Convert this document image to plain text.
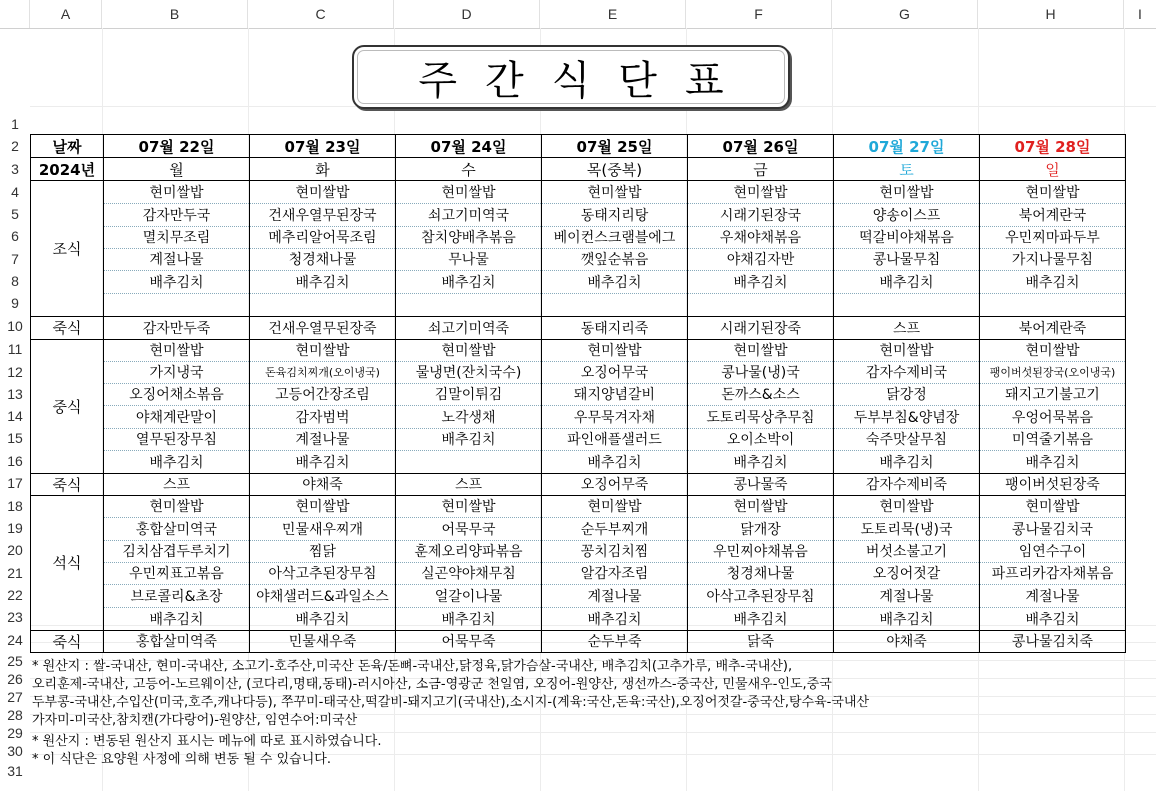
A	B	C	D	E	F	G	H	I
1
2
3
4
5
6
7
8
9
10
11
12
13
14
15
16
17
18
19
20
21
22
23
24
25
26
27
28
29
30
31
주간식단표
날짜	07월 22일	07월 23일	07월 24일	07월 25일	07월 26일	07월 27일	07월 28일
2024년	월	화	수	목(중복)	금	토	일
조식	현미쌀밥	현미쌀밥	현미쌀밥	현미쌀밥	현미쌀밥	현미쌀밥	현미쌀밥
	감자만두국	건새우열무된장국	쇠고기미역국	동태지리탕	시래기된장국	양송이스프	북어계란국
	멸치무조림	메추리알어묵조림	참치양배추볶음	베이컨스크램블에그	우채야채볶음	떡갈비야채볶음	우민찌마파두부
	계절나물	청경채나물	무나물	깻잎순볶음	야채김자반	콩나물무침	가지나물무침
	배추김치	배추김치	배추김치	배추김치	배추김치	배추김치	배추김치

죽식	감자만두죽	건새우열무된장죽	쇠고기미역죽	동태지리죽	시래기된장죽	스프	북어계란죽
중식	현미쌀밥	현미쌀밥	현미쌀밥	현미쌀밥	현미쌀밥	현미쌀밥	현미쌀밥
	가지냉국	돈육김치찌개(오이냉국)	물냉면(잔치국수)	오징어무국	콩나물(냉)국	감자수제비국	팽이버섯된장국(오이냉국)
	오징어채소볶음	고등어간장조림	김말이튀김	돼지양념갈비	돈까스&소스	닭강정	돼지고기불고기
	야채계란말이	감자범벅	노각생채	우무묵겨자채	도토리묵상추무침	두부부침&양념장	우엉어묵볶음
	열무된장무침	계절나물	배추김치	파인애플샐러드	오이소박이	숙주맛살무침	미역줄기볶음
	배추김치	배추김치		배추김치	배추김치	배추김치	배추김치
죽식	스프	야채죽	스프	오징어무죽	콩나물죽	감자수제비죽	팽이버섯된장죽
석식	현미쌀밥	현미쌀밥	현미쌀밥	현미쌀밥	현미쌀밥	현미쌀밥	현미쌀밥
	홍합살미역국	민물새우찌개	어묵무국	순두부찌개	닭개장	도토리묵(냉)국	콩나물김치국
	김치삼겹두루치기	찜닭	훈제오리양파볶음	꽁치김치찜	우민찌야채볶음	버섯소불고기	임연수구이
	우민찌표고볶음	아삭고추된장무침	실곤약야채무침	알감자조림	청경채나물	오징어젓갈	파프리카감자채볶음
	브로콜리&초장	야채샐러드&과일소스	얼갈이나물	계절나물	아삭고추된장무침	계절나물	계절나물
	배추김치	배추김치	배추김치	배추김치	배추김치	배추김치	배추김치
죽식	홍합살미역죽	민물새우죽	어묵무죽	순두부죽	닭죽	야채죽	콩나물김치죽
* 원산지 : 쌀-국내산, 현미-국내산, 소고기-호주산,미국산 돈육/돈뼈-국내산,닭정육,닭가슴살-국내산, 배추김치(고추가루, 배추-국내산),
오리훈제-국내산, 고등어-노르웨이산, (코다리,명태,동태)-러시아산, 소금-영광군 천일염, 오징어-원양산, 생선까스-중국산, 민물새우-인도,중국
두부콩-국내산,수입산(미국,호주,캐나다등), 쭈꾸미-태국산,떡갈비-돼지고기(국내산),소시지-(계육:국산,돈육:국산),오징어젓갈-중국산,탕수육-국내산
가자미-미국산,참치캔(가다랑어)-원양산, 임연수어:미국산
* 원산지 : 변동된 원산지 표시는 메뉴에 따로 표시하였습니다.
* 이 식단은 요양원 사정에 의해 변동 될 수 있습니다.
